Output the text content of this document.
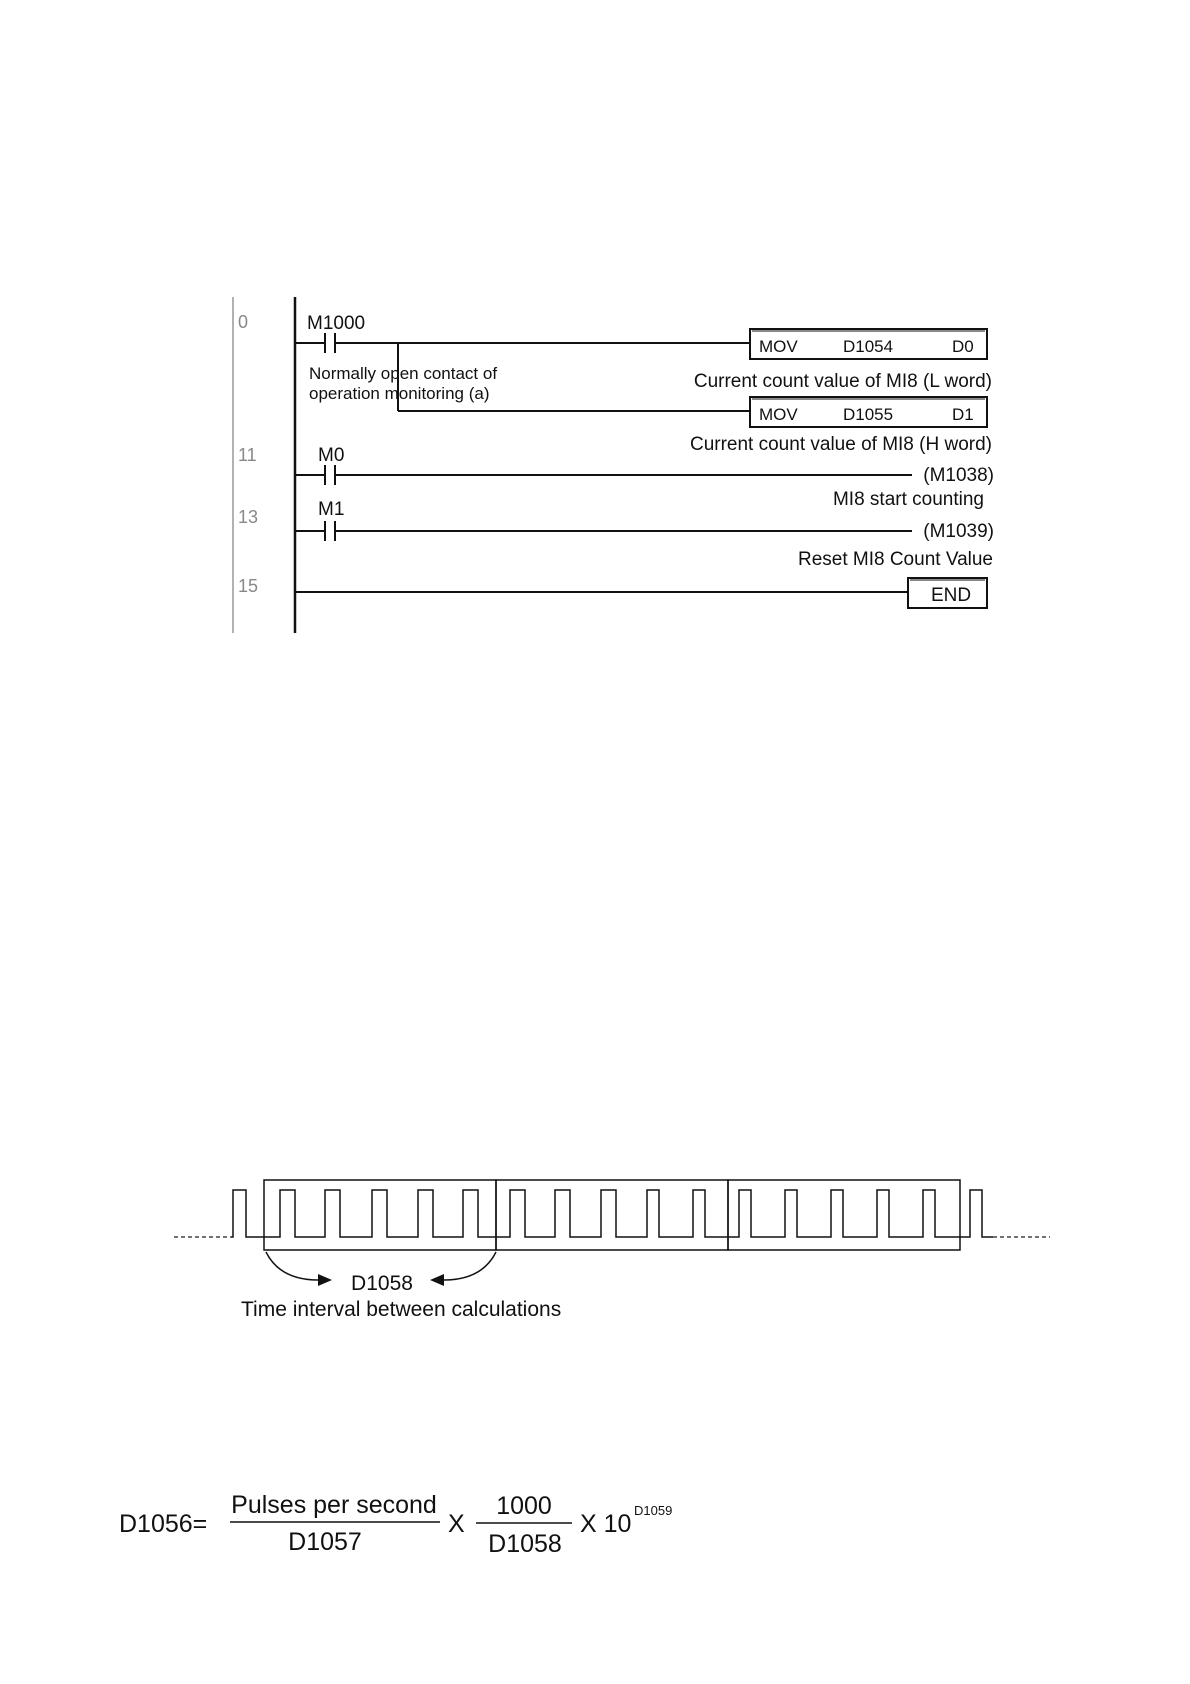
0	M1000
Normally open contact of
operation monitoring (a)
MOV	D1054	D0
Current count value of MI8 (L word)
MOV	D1055	D1
Current count value of MI8 (H word)
11	M0
(M1038)
MI8 start counting
13	M1
(M1039)
Reset MI8 Count Value
15	END
D1058
Time interval between calculations
D1056=
Pulses per second
D1057
X
1000
D1058
X 10 D1059
